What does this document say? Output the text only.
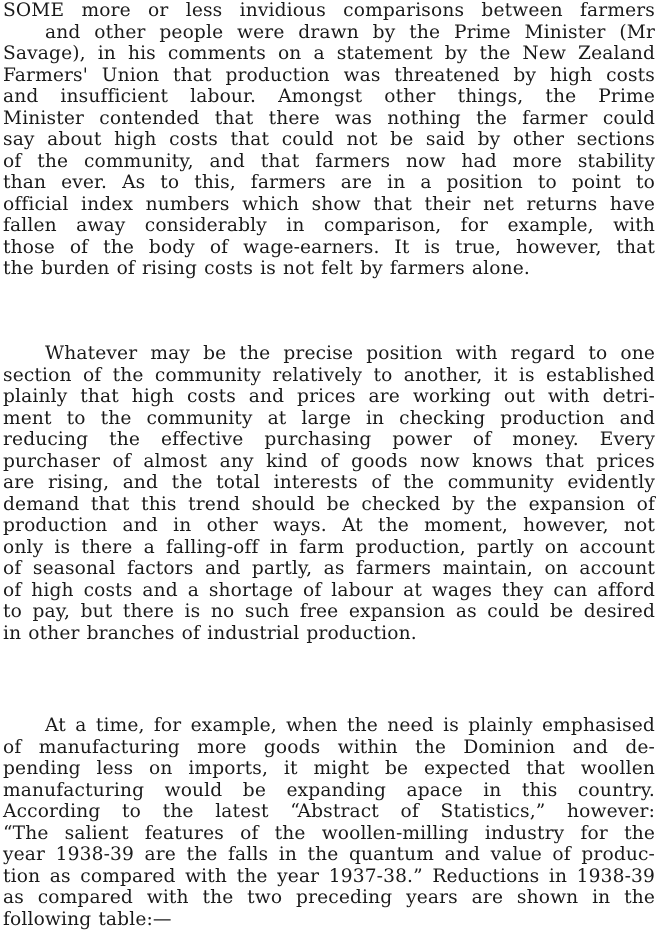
SOME more or less invidious comparisons between farmers
and other people were drawn by the Prime Minister (Mr
Savage), in his comments on a statement by the New Zealand
Farmers' Union that production was threatened by high costs
and insufficient labour. Amongst other things, the Prime
Minister contended that there was nothing the farmer could
say about high costs that could not be said by other sections
of the community, and that farmers now had more stability
than ever. As to this, farmers are in a position to point to
official index numbers which show that their net returns have
fallen away considerably in comparison, for example, with
those of the body of wage-earners. It is true, however, that
the burden of rising costs is not felt by farmers alone.
Whatever may be the precise position with regard to one
section of the community relatively to another, it is established
plainly that high costs and prices are working out with detri-
ment to the community at large in checking production and
reducing the effective purchasing power of money. Every
purchaser of almost any kind of goods now knows that prices
are rising, and the total interests of the community evidently
demand that this trend should be checked by the expansion of
production and in other ways. At the moment, however, not
only is there a falling-off in farm production, partly on account
of seasonal factors and partly, as farmers maintain, on account
of high costs and a shortage of labour at wages they can afford
to pay, but there is no such free expansion as could be desired
in other branches of industrial production.
At a time, for example, when the need is plainly emphasised
of manufacturing more goods within the Dominion and de-
pending less on imports, it might be expected that woollen
manufacturing would be expanding apace in this country.
According to the latest “Abstract of Statistics,” however:
“The salient features of the woollen-milling industry for the
year 1938-39 are the falls in the quantum and value of produc-
tion as compared with the year 1937-38.” Reductions in 1938-39
as compared with the two preceding years are shown in the
following table:—
